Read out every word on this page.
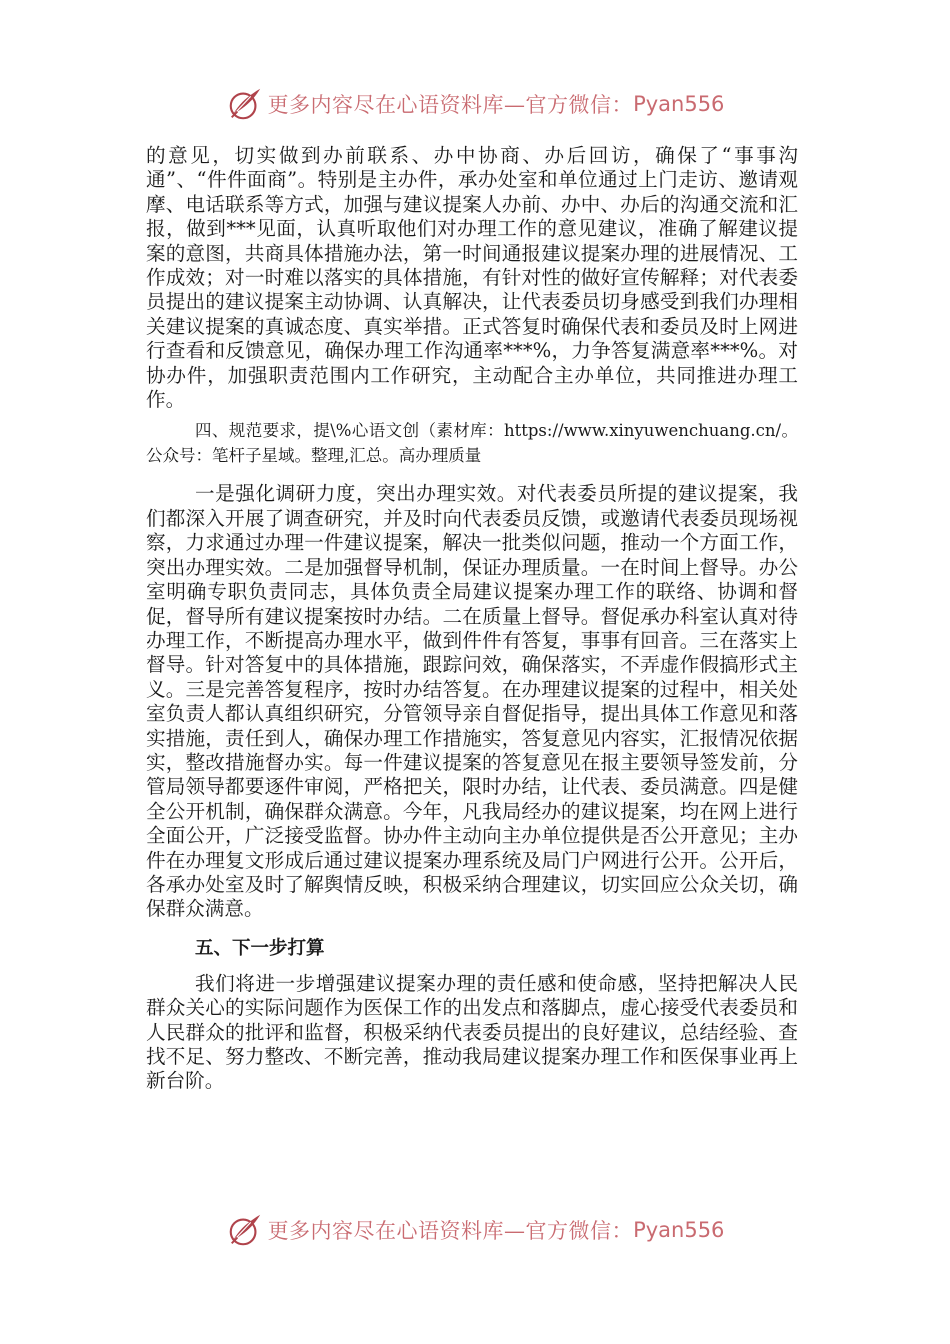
更多内容尽在心语资料库—官方微信： Pyan556

的意见，切实做到办前联系、办中协商、办后回访，确保了“事事沟通”、“件件面商”。特别是主办件，承办处室和单位通过上门走访、邀请观摩、电话联系等方式，加强与建议提案人办前、办中、办后的沟通交流和汇报，做到***见面，认真听取他们对办理工作的意见建议，准确了解建议提案的意图，共商具体措施办法，第一时间通报建议提案办理的进展情况、工作成效；对一时难以落实的具体措施，有针对性的做好宣传解释；对代表委员提出的建议提案主动协调、认真解决，让代表委员切身感受到我们办理相关建议提案的真诚态度、真实举措。正式答复时确保代表和委员及时上网进行查看和反馈意见，确保办理工作沟通率***%，力争答复满意率***%。对协办件，加强职责范围内工作研究，主动配合主办单位，共同推进办理工作。

四、规范要求，提\%心语文创（素材库：https://www.xinyuwenchuang.cn/。公众号：笔杆子星域。整理,汇总。高办理质量

一是强化调研力度，突出办理实效。对代表委员所提的建议提案，我们都深入开展了调查研究，并及时向代表委员反馈，或邀请代表委员现场视察，力求通过办理一件建议提案，解决一批类似问题，推动一个方面工作，突出办理实效。二是加强督导机制，保证办理质量。一在时间上督导。办公室明确专职负责同志，具体负责全局建议提案办理工作的联络、协调和督促，督导所有建议提案按时办结。二在质量上督导。督促承办科室认真对待办理工作，不断提高办理水平，做到件件有答复，事事有回音。三在落实上督导。针对答复中的具体措施，跟踪问效，确保落实，不弄虚作假搞形式主义。三是完善答复程序，按时办结答复。在办理建议提案的过程中，相关处室负责人都认真组织研究，分管领导亲自督促指导，提出具体工作意见和落实措施，责任到人，确保办理工作措施实，答复意见内容实，汇报情况依据实，整改措施督办实。每一件建议提案的答复意见在报主要领导签发前，分管局领导都要逐件审阅，严格把关，限时办结，让代表、委员满意。四是健全公开机制，确保群众满意。今年，凡我局经办的建议提案，均在网上进行全面公开，广泛接受监督。协办件主动向主办单位提供是否公开意见；主办件在办理复文形成后通过建议提案办理系统及局门户网进行公开。公开后，各承办处室及时了解舆情反映，积极采纳合理建议，切实回应公众关切，确保群众满意。

五、下一步打算

我们将进一步增强建议提案办理的责任感和使命感，坚持把解决人民群众关心的实际问题作为医保工作的出发点和落脚点，虚心接受代表委员和人民群众的批评和监督，积极采纳代表委员提出的良好建议，总结经验、查找不足、努力整改、不断完善，推动我局建议提案办理工作和医保事业再上新台阶。

更多内容尽在心语资料库—官方微信： Pyan556
